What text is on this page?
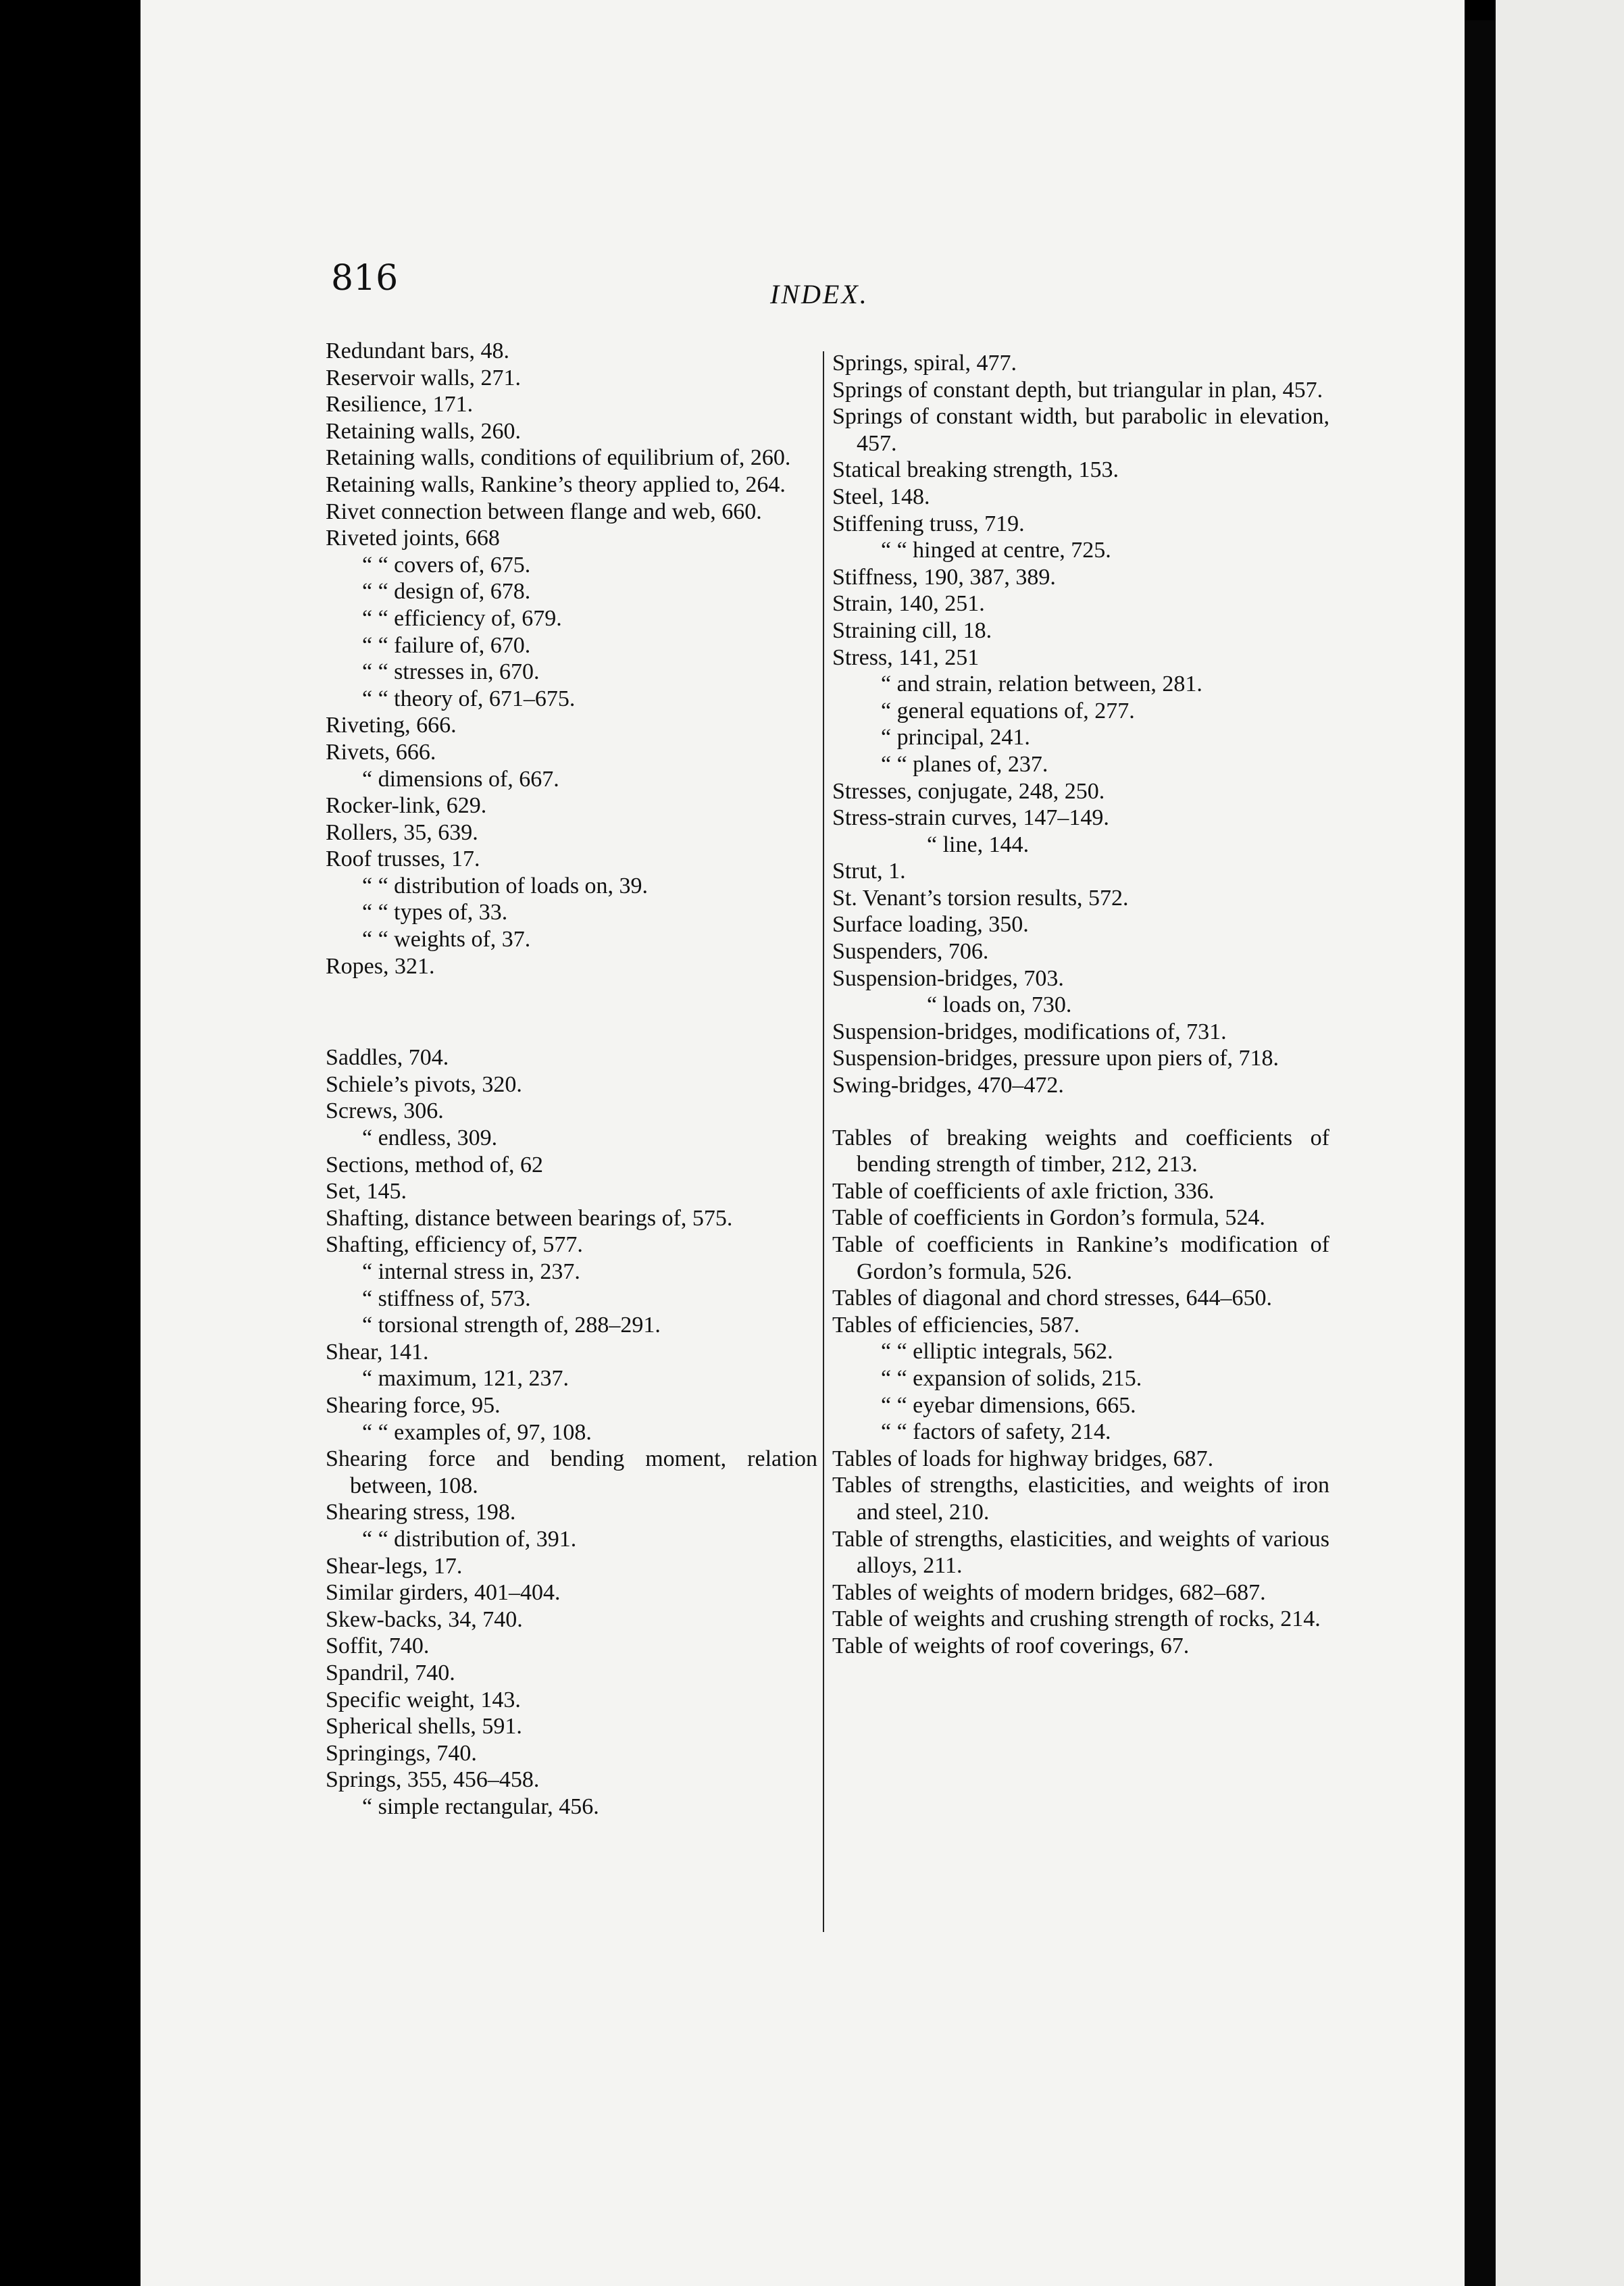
816	INDEX.
Redundant bars, 48.
Reservoir walls, 271.
Resilience, 171.
Retaining walls, 260.
Retaining walls, conditions of equilibrium of, 260.
Retaining walls, Rankine’s theory applied to, 264.
Rivet connection between flange and web, 660.
Riveted joints, 668
“ “ covers of, 675.
“ “ design of, 678.
“ “ efficiency of, 679.
“ “ failure of, 670.
“ “ stresses in, 670.
“ “ theory of, 671–675.
Riveting, 666.
Rivets, 666.
“ dimensions of, 667.
Rocker-link, 629.
Rollers, 35, 639.
Roof trusses, 17.
“ “ distribution of loads on, 39.
“ “ types of, 33.
“ “ weights of, 37.
Ropes, 321.
Saddles, 704.
Schiele’s pivots, 320.
Screws, 306.
“ endless, 309.
Sections, method of, 62
Set, 145.
Shafting, distance between bearings of, 575.
Shafting, efficiency of, 577.
“ internal stress in, 237.
“ stiffness of, 573.
“ torsional strength of, 288–291.
Shear, 141.
“ maximum, 121, 237.
Shearing force, 95.
“ “ examples of, 97, 108.
Shearing force and bending moment, relation between, 108.
Shearing stress, 198.
“ “ distribution of, 391.
Shear-legs, 17.
Similar girders, 401–404.
Skew-backs, 34, 740.
Soffit, 740.
Spandril, 740.
Specific weight, 143.
Spherical shells, 591.
Springings, 740.
Springs, 355, 456–458.
“ simple rectangular, 456.
Springs, spiral, 477.
Springs of constant depth, but triangular in plan, 457.
Springs of constant width, but parabolic in elevation, 457.
Statical breaking strength, 153.
Steel, 148.
Stiffening truss, 719.
“ “ hinged at centre, 725.
Stiffness, 190, 387, 389.
Strain, 140, 251.
Straining cill, 18.
Stress, 141, 251
“ and strain, relation between, 281.
“ general equations of, 277.
“ principal, 241.
“ “ planes of, 237.
Stresses, conjugate, 248, 250.
Stress-strain curves, 147–149.
“ line, 144.
Strut, 1.
St. Venant’s torsion results, 572.
Surface loading, 350.
Suspenders, 706.
Suspension-bridges, 703.
“ loads on, 730.
Suspension-bridges, modifications of, 731.
Suspension-bridges, pressure upon piers of, 718.
Swing-bridges, 470–472.
Tables of breaking weights and coefficients of bending strength of timber, 212, 213.
Table of coefficients of axle friction, 336.
Table of coefficients in Gordon’s formula, 524.
Table of coefficients in Rankine’s modification of Gordon’s formula, 526.
Tables of diagonal and chord stresses, 644–650.
Tables of efficiencies, 587.
“ “ elliptic integrals, 562.
“ “ expansion of solids, 215.
“ “ eyebar dimensions, 665.
“ “ factors of safety, 214.
Tables of loads for highway bridges, 687.
Tables of strengths, elasticities, and weights of iron and steel, 210.
Table of strengths, elasticities, and weights of various alloys, 211.
Tables of weights of modern bridges, 682–687.
Table of weights and crushing strength of rocks, 214.
Table of weights of roof coverings, 67.
